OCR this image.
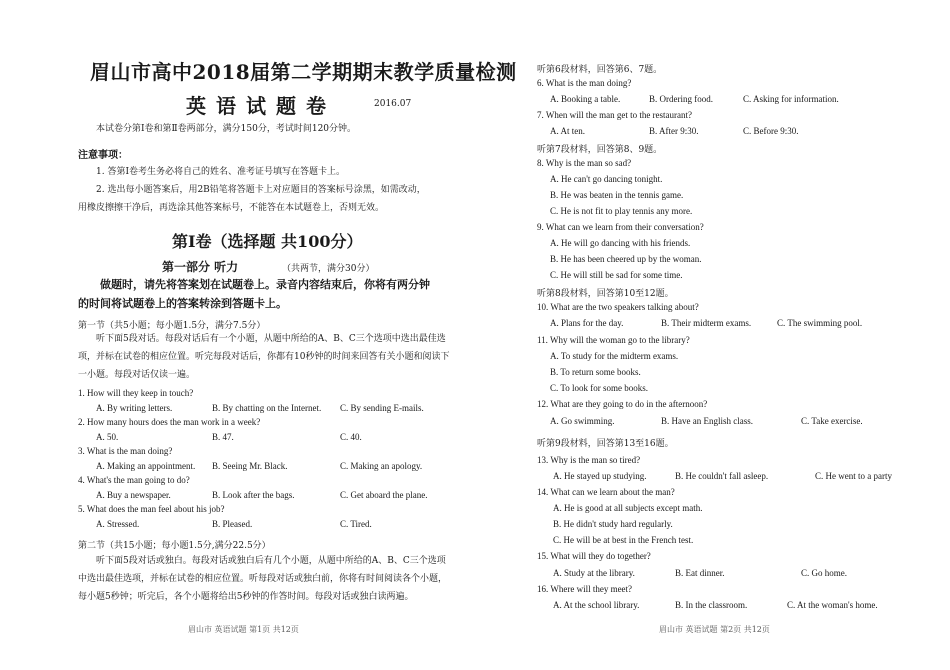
眉山市高中2018届第二学期期末教学质量检测
英语试题卷	2016.07
本试卷分第Ⅰ卷和第Ⅱ卷两部分，满分150分，考试时间120分钟。
注意事项：
1. 答第Ⅰ卷考生务必将自己的姓名、准考证号填写在答题卡上。
2. 选出每小题答案后，用2B铅笔将答题卡上对应题目的答案标号涂黑，如需改动，
用橡皮擦擦干净后，再选涂其他答案标号，不能答在本试题卷上，否则无效。
第Ⅰ卷（选择题 共100分）
第一部分 听力	（共两节，满分30分）
做题时，请先将答案划在试题卷上。录音内容结束后，你将有两分钟的时间将试题卷上的答案转涂到答题卡上。
第一节（共5小题；每小题1.5分，满分7.5分）
听下面5段对话。每段对话后有一个小题，从题中所给的A、B、C三个选项中选出最佳选项，并标在试卷的相应位置。听完每段对话后，你都有10秒钟的时间来回答有关小题和阅读下一小题。每段对话仅读一遍。
1. How will they keep in touch?
A. By writing letters.	B. By chatting on the Internet. C. By sending E-mails.
2. How many hours does the man work in a week?
A. 50.	B. 47.	C. 40.
3. What is the man doing?
A. Making an appointment. B. Seeing Mr. Black.	C. Making an apology.
4. What's the man going to do?
A. Buy a newspaper.	B. Look after the bags.	C. Get aboard the plane.
5. What does the man feel about his job?
A. Stressed.	B. Pleased.	C. Tired.
第二节（共15小题；每小题1.5分,满分22.5分）
听下面5段对话或独白。每段对话或独白后有几个小题，从题中所给的A、B、C三个选项中选出最佳选项，并标在试卷的相应位置。听每段对话或独白前，你将有时间阅读各个小题，每小题5秒钟；听完后，各个小题将给出5秒钟的作答时间。每段对话或独白读两遍。
眉山市 英语试题 第1页 共12页
听第6段材料，回答第6、7题。
6. What is the man doing?
A. Booking a table.	B. Ordering food.	C. Asking for information.
7. When will the man get to the restaurant?
A. At ten.	B. After 9:30.	C. Before 9:30.
听第7段材料，回答第8、9题。
8. Why is the man so sad?
A. He can't go dancing tonight.
B. He was beaten in the tennis game.
C. He is not fit to play tennis any more.
9. What can we learn from their conversation?
A. He will go dancing with his friends.
B. He has been cheered up by the woman.
C. He will still be sad for some time.
听第8段材料，回答第10至12题。
10. What are the two speakers talking about?
A. Plans for the day.	B. Their midterm exams.	C. The swimming pool.
11. Why will the woman go to the library?
A. To study for the midterm exams.
B. To return some books.
C. To look for some books.
12. What are they going to do in the afternoon?
A. Go swimming.	B. Have an English class.	C. Take exercise.
听第9段材料，回答第13至16题。
13. Why is the man so tired?
A. He stayed up studying.	B. He couldn't fall asleep.	C. He went to a party
14. What can we learn about the man?
A. He is good at all subjects except math.
B. He didn't study hard regularly.
C. He will be at best in the French test.
15. What will they do together?
A. Study at the library.	B. Eat dinner.	C. Go home.
16. Where will they meet?
A. At the school library.	B. In the classroom.	C. At the woman's home.
眉山市 英语试题 第2页 共12页
